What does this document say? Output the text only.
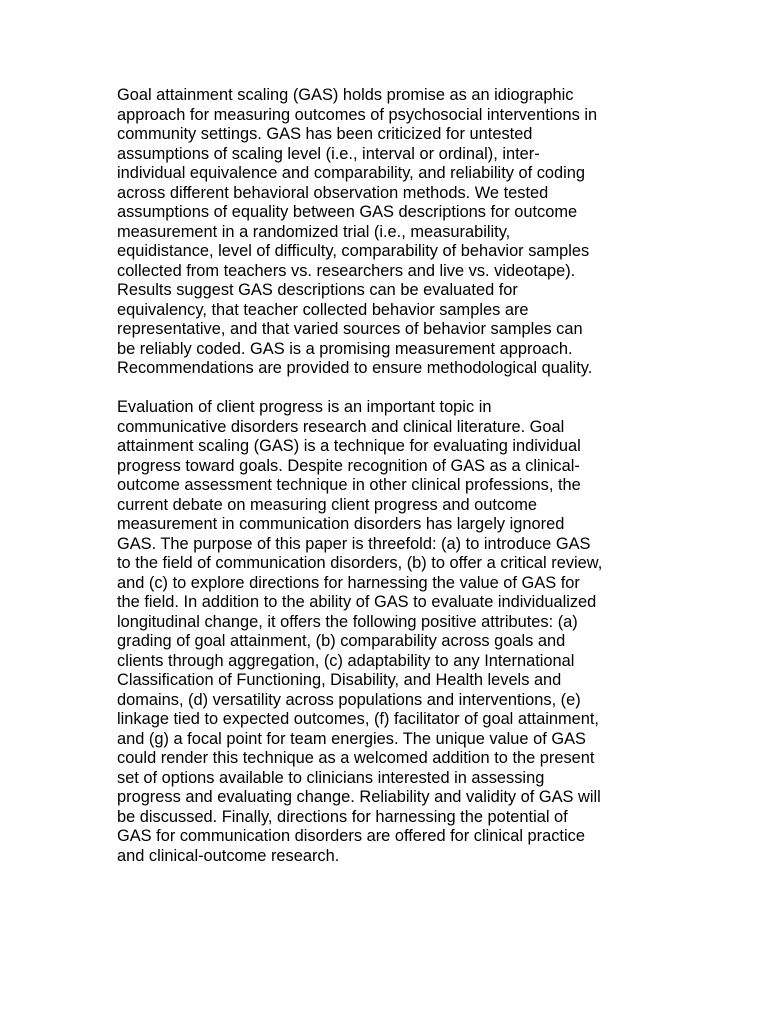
Goal attainment scaling (GAS) holds promise as an idiographic
approach for measuring outcomes of psychosocial interventions in
community settings. GAS has been criticized for untested
assumptions of scaling level (i.e., interval or ordinal), inter-
individual equivalence and comparability, and reliability of coding
across different behavioral observation methods. We tested
assumptions of equality between GAS descriptions for outcome
measurement in a randomized trial (i.e., measurability,
equidistance, level of difficulty, comparability of behavior samples
collected from teachers vs. researchers and live vs. videotape).
Results suggest GAS descriptions can be evaluated for
equivalency, that teacher collected behavior samples are
representative, and that varied sources of behavior samples can
be reliably coded. GAS is a promising measurement approach.
Recommendations are provided to ensure methodological quality.
Evaluation of client progress is an important topic in
communicative disorders research and clinical literature. Goal
attainment scaling (GAS) is a technique for evaluating individual
progress toward goals. Despite recognition of GAS as a clinical-
outcome assessment technique in other clinical professions, the
current debate on measuring client progress and outcome
measurement in communication disorders has largely ignored
GAS. The purpose of this paper is threefold: (a) to introduce GAS
to the field of communication disorders, (b) to offer a critical review,
and (c) to explore directions for harnessing the value of GAS for
the field. In addition to the ability of GAS to evaluate individualized
longitudinal change, it offers the following positive attributes: (a)
grading of goal attainment, (b) comparability across goals and
clients through aggregation, (c) adaptability to any International
Classification of Functioning, Disability, and Health levels and
domains, (d) versatility across populations and interventions, (e)
linkage tied to expected outcomes, (f) facilitator of goal attainment,
and (g) a focal point for team energies. The unique value of GAS
could render this technique as a welcomed addition to the present
set of options available to clinicians interested in assessing
progress and evaluating change. Reliability and validity of GAS will
be discussed. Finally, directions for harnessing the potential of
GAS for communication disorders are offered for clinical practice
and clinical-outcome research.
